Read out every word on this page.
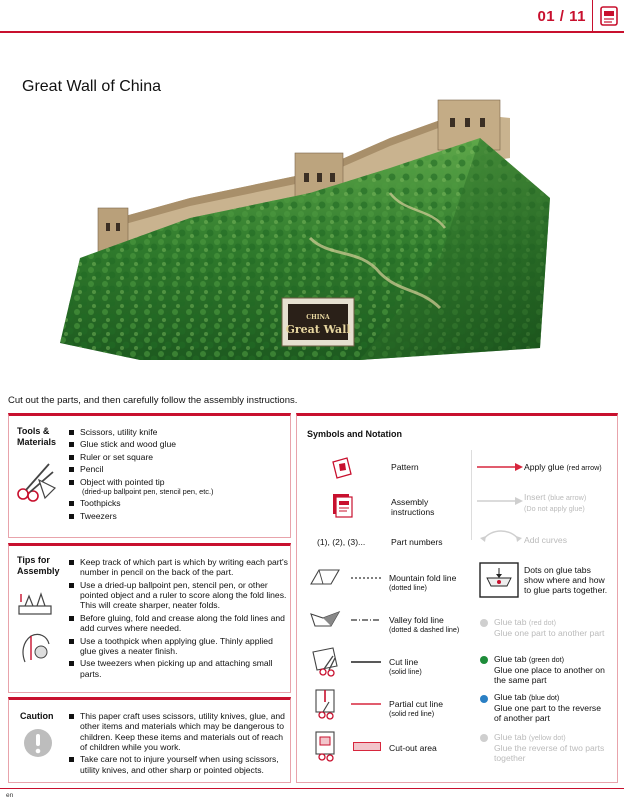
01 / 11
Great Wall of China
CHINA
Great Wall
Cut out the parts, and then carefully follow the assembly instructions.
Tools &
Materials
Scissors, utility knife
Glue stick and wood glue
Ruler or set square
Pencil
Object with pointed tip
(dried-up ballpoint pen, stencil pen, etc.)
Toothpicks
Tweezers
Tips for
Assembly
Keep track of which part is which by writing each part's number in pencil on the back of the part.
Use a dried-up ballpoint pen, stencil pen, or other pointed object and a ruler to score along the fold lines. This will create sharper, neater folds.
Before gluing, fold and crease along the fold lines and add curves where needed.
Use a toothpick when applying glue. Thinly applied glue gives a neater finish.
Use tweezers when picking up and attaching small parts.
Caution	This paper craft uses scissors, utility knives, glue, and other items and materials which may be dangerous to children. Keep these items and materials out of reach of children while you work.
Take care not to injure yourself when using scissors, utility knives, and other sharp or pointed objects.
Symbols and Notation
Pattern
Assembly
instructions
(1), (2), (3)...	Part numbers
Apply glue (red arrow)
Insert (blue arrow)
(Do not apply glue)
Add curves
Mountain fold line
(dotted line)
Valley fold line
(dotted & dashed line)
Cut line
(solid line)
Partial cut line
(solid red line)
Cut-out area
Dots on glue tabs
show where and how
to glue parts together.
Glue tab (red dot)
Glue one part to another part
Glue tab (green dot)
Glue one place to another on
the same part
Glue tab (blue dot)
Glue one part to the reverse
of another part
Glue tab (yellow dot)
Glue the reverse of two parts
together
en
